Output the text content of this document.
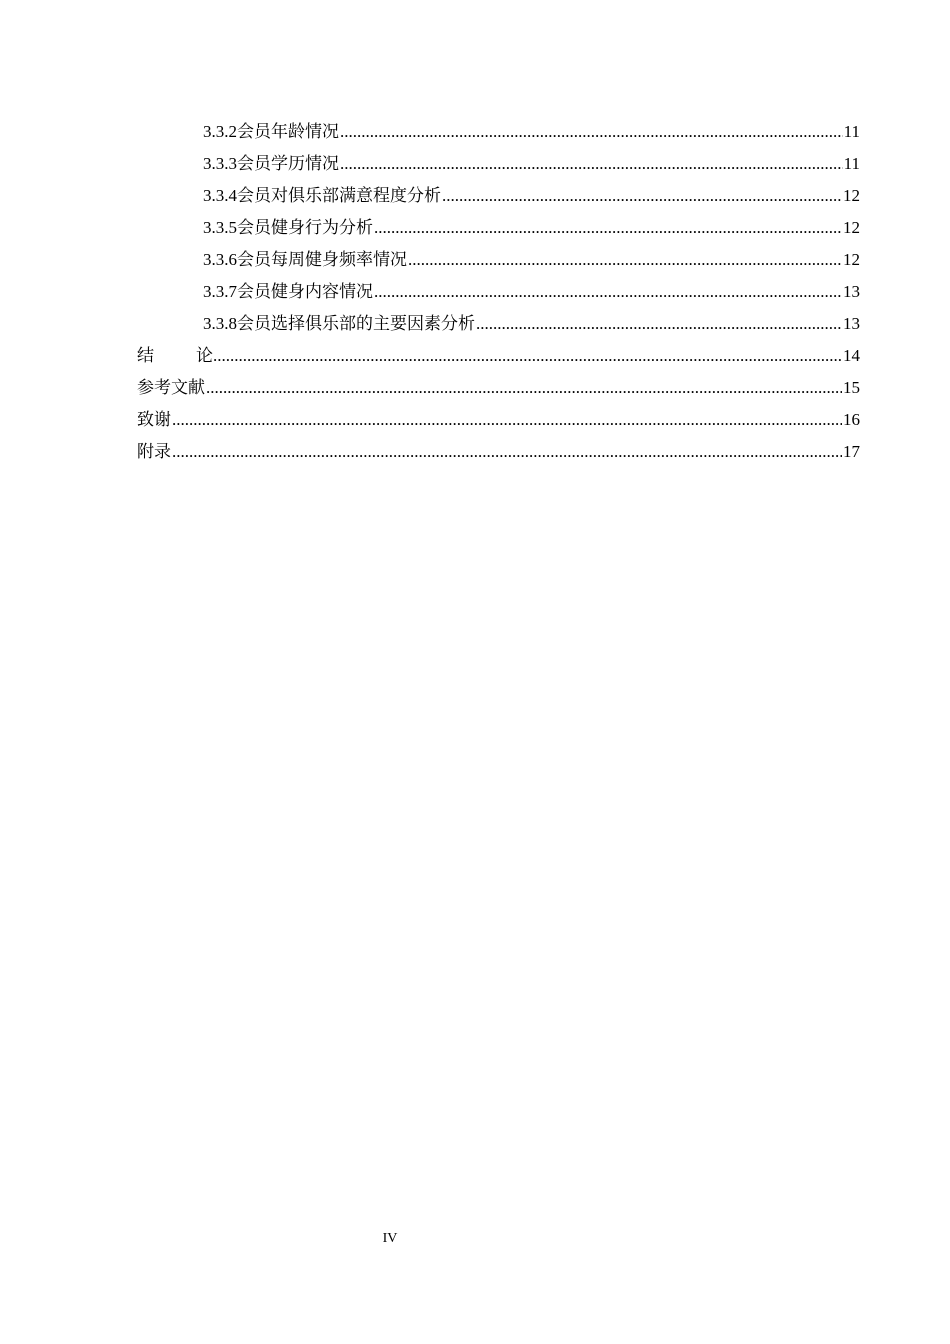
3.3.2 会员年龄情况 .....	11
3.3.3 会员学历情况 .....	11
3.3.4 会员对俱乐部满意程度分析 .....	12
3.3.5 会员健身行为分析 .....	12
3.3.6 会员每周健身频率情况 .....	12
3.3.7 会员健身内容情况 .....	13
3.3.8 会员选择俱乐部的主要因素分析 .....	13
结论 .....	14
参考文献 .....	15
致谢 .....	16
附录 .....	17
IV
